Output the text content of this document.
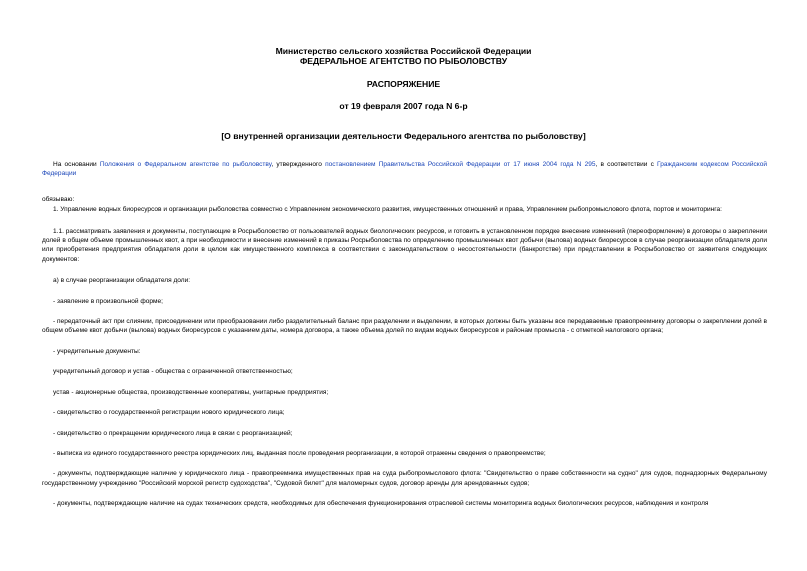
Министерство сельского хозяйства Российской Федерации
ФЕДЕРАЛЬНОЕ АГЕНТСТВО ПО РЫБОЛОВСТВУ
РАСПОРЯЖЕНИЕ
от 19 февраля 2007 года N 6-р
[О внутренней организации деятельности Федерального агентства по рыболовству]

На основании Положения о Федеральном агентстве по рыболовству, утвержденного постановлением Правительства Российской Федерации от 17 июня 2004 года N 295, в соответствии с Гражданским кодексом Российской Федерации

обязываю:

1. Управление водных биоресурсов и организации рыболовства совместно с Управлением экономического развития, имущественных отношений и права, Управлением рыбопромыслового флота, портов и мониторинга:

1.1. рассматривать заявления и документы, поступающие в Росрыболовство от пользователей водных биологических ресурсов, и готовить в установленном порядке внесение изменений (переоформление) в договоры о закреплении долей в общем объеме промышленных квот, а при необходимости и внесение изменений в приказы Росрыболовства по определению промышленных квот добычи (вылова) водных биоресурсов в случае реорганизации обладателя доли или приобретения предприятия обладателя доли в целом как имущественного комплекса в соответствии с законодательством о несостоятельности (банкротстве) при представлении в Росрыболовство от заявителя следующих документов:

а) в случае реорганизации обладателя доли:

- заявление в произвольной форме;

- передаточный акт при слиянии, присоединении или преобразовании либо разделительный баланс при разделении и выделении, в которых должны быть указаны все передаваемые правопреемнику договоры о закреплении долей в общем объеме квот добычи (вылова) водных биоресурсов с указанием даты, номера договора, а также объема долей по видам водных биоресурсов и районам промысла - с отметкой налогового органа;

- учредительные документы:

учредительный договор и устав - общества с ограниченной ответственностью;

устав - акционерные общества, производственные кооперативы, унитарные предприятия;

- свидетельство о государственной регистрации нового юридического лица;

- свидетельство о прекращении юридического лица в связи с реорганизацией;

- выписка из единого государственного реестра юридических лиц, выданная после проведения реорганизации, в которой отражены сведения о правопреемстве;

- документы, подтверждающие наличие у юридического лица - правопреемника имущественных прав на суда рыбопромыслового флота: "Свидетельство о праве собственности на судно" для судов, поднадзорных Федеральному государственному учреждению "Российский морской регистр судоходства", "Судовой билет" для маломерных судов, договор аренды для арендованных судов;

- документы, подтверждающие наличие на судах технических средств, необходимых для обеспечения функционирования отраслевой системы мониторинга водных биологических ресурсов, наблюдения и контроля
